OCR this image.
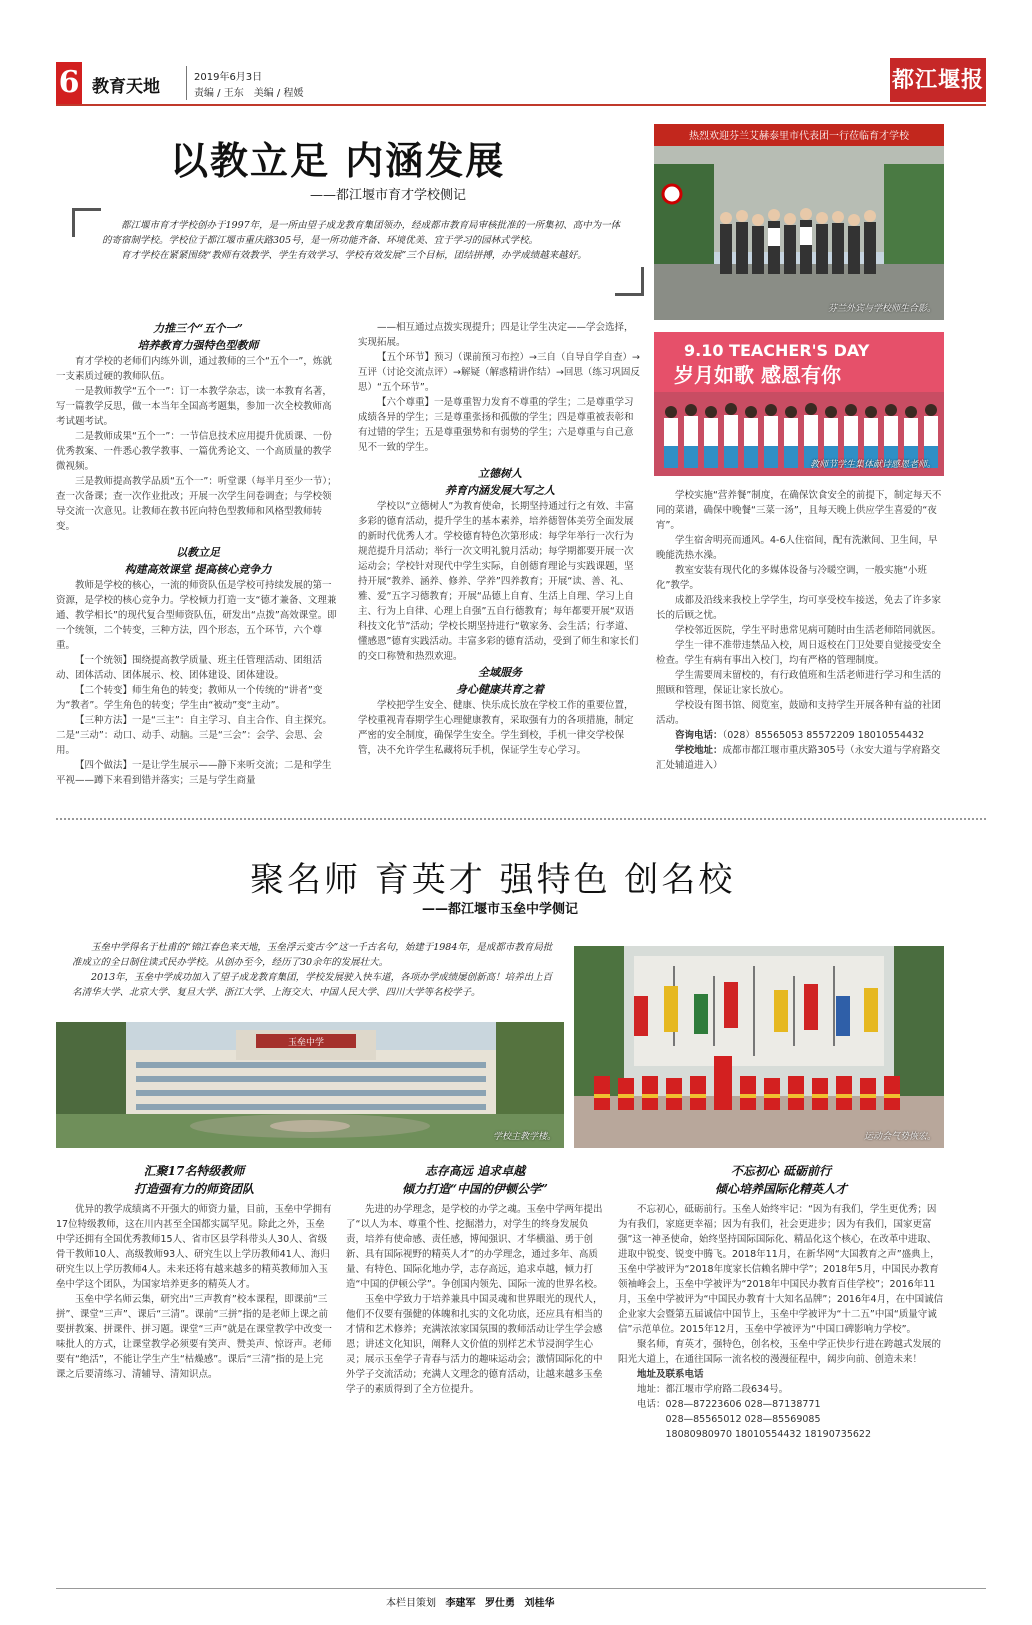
6 教育天地	2019年6月3日
责编 / 王东　美编 / 程媛
都江堰报
以教立足 内涵发展
——都江堰市育才学校侧记

都江堰市育才学校创办于1997年，是一所由望子成龙教育集团领办，经成都市教育局审核批准的一所集初、高中为一体的寄宿制学校。学校位于都江堰市重庆路305号，是一所功能齐备、环境优美、宜于学习的园林式学校。

育才学校在紧紧围绕“教师有效教学、学生有效学习、学校有效发展”三个目标，团结拼搏，办学成绩越来越好。

热烈欢迎芬兰艾赫泰里市代表团一行莅临育才学校
芬兰外宾与学校师生合影。
9.10 TEACHER'S DAY
岁月如歌 感恩有你
教师节学生集体献诗感恩老师。
力推三个“五个一”
培养教育力强特色型教师

育才学校的老师们内练外训，通过教师的三个“五个一”，炼就一支素质过硬的教师队伍。

一是教师教学“五个一”：订一本教学杂志，读一本教育名著，写一篇教学反思，做一本当年全国高考题集，参加一次全校教师高考试题考试。

二是教师成果“五个一”：一节信息技术应用提升优质课、一份优秀教案、一件悉心教学教事、一篇优秀论文、一个高质量的教学微视频。

三是教师提高教学品质“五个一”：听堂课（每半月至少一节）；查一次备课；查一次作业批改；开展一次学生问卷调查；与学校领导交流一次意见。让教师在教书匠向特色型教师和风格型教师转变。

以教立足
构建高效课堂 提高核心竞争力

教师是学校的核心，一流的师资队伍是学校可持续发展的第一资源，是学校的核心竞争力。学校倾力打造一支“德才兼备、文理兼通、教学相长”的现代复合型师资队伍，研发出“点拨”高效课堂。即一个统领，二个转变，三种方法，四个形态，五个环节，六个尊重。

【一个统领】围绕提高教学质量、班主任管理活动、团组活动、团体活动、团体展示、校、团体建设、团体建设。

【二个转变】师生角色的转变；教师从一个传统的“讲者”变为“教者”。学生角色的转变；学生由“被动”变“主动”。

【三种方法】一是“三主”：自主学习、自主合作、自主探究。二是“三动”：动口、动手、动脑。三是“三会”：会学、会思、会用。

【四个做法】一是让学生展示——静下来听交流；二是和学生平视——蹲下来看到错并落实；三是与学生商量

——相互通过点拨实现提升；四是让学生决定——学会选择，实现拓展。

【五个环节】预习（课前预习布控）→三自（自导自学自查）→互评（讨论交流点评）→解疑（解惑精讲作结）→回思（练习巩固反思）“五个环节”。

【六个尊重】一是尊重智力发育不尊重的学生；二是尊重学习成绩各异的学生；三是尊重张扬和孤傲的学生；四是尊重被表彰和有过错的学生；五是尊重强势和有弱势的学生；六是尊重与自己意见不一致的学生。

立德树人
养育内涵发展大写之人

学校以“立德树人”为教育使命，长期坚持通过行之有效、丰富多彩的德育活动，提升学生的基本素养，培养德智体美劳全面发展的新时代优秀人才。学校德育特色次第形成：每学年举行一次行为规范提升月活动；举行一次文明礼貌月活动；每学期都要开展一次运动会；学校针对现代中学生实际，自创德育理论与实践课题，坚持开展“教养、涵养、修养、学养”四养教育；开展“读、善、礼、雅、爱”五字习德教育；开展“品德上自育、生活上自理、学习上自主、行为上自律、心理上自强”五自行德教育；每年都要开展“双语科技文化节”活动；学校长期坚持进行“敬家务、会生活；行孝道、懂感恩”德育实践活动。丰富多彩的德育活动，受到了师生和家长们的交口称赞和热烈欢迎。

全域服务
身心健康共育之着

学校把学生安全、健康、快乐成长放在学校工作的重要位置，学校重视青春期学生心理健康教育，采取强有力的各项措施，制定严密的安全制度，确保学生安全。学生到校，手机一律交学校保管，决不允许学生私藏将玩手机，保证学生专心学习。

学校实施“营养餐”制度，在确保饮食安全的前提下，制定每天不同的菜谱，确保中晚餐“三菜一汤”，且每天晚上供应学生喜爱的“夜宵”。

学生宿舍明亮而通风。4-6人住宿间，配有洗漱间、卫生间，早晚能洗热水澡。

教室安装有现代化的多媒体设备与冷暖空调，一般实施“小班化”教学。

成都及沿线来我校上学学生，均可享受校车接送，免去了许多家长的后顾之忧。

学校邻近医院，学生平时患常见病可随时由生活老师陪同就医。

学生一律不准带违禁品入校，周日返校在门卫处要自觉接受安全检查。学生有病有事出入校门，均有严格的管理制度。

学生需要周末留校的，有行政值班和生活老师进行学习和生活的照顾和管理，保证让家长放心。

学校设有图书馆、阅览室，鼓励和支持学生开展各种有益的社团活动。

咨询电话：（028）85565053 85572209 18010554432

学校地址：成都市都江堰市重庆路305号（永安大道与学府路交汇处辅道进入）

聚名师 育英才 强特色 创名校
——都江堰市玉垒中学侧记

玉垒中学得名于杜甫的“锦江春色来天地，玉垒浮云变古今”这一千古名句，始建于1984年，是成都市教育局批准成立的全日制住读式民办学校。从创办至今，经历了30余年的发展壮大。

2013年，玉垒中学成功加入了望子成龙教育集团，学校发展驶入快车道，各项办学成绩屡创新高！培养出上百名清华大学、北京大学、复旦大学、浙江大学、上海交大、中国人民大学、四川大学等名校学子。

玉垒中学
学校主教学楼。	运动会气势恢宏。
汇聚17名特级教师
打造强有力的师资团队

优异的教学成绩离不开强大的师资力量，目前，玉垒中学拥有17位特级教师，这在川内甚至全国都实属罕见。除此之外，玉垒中学还拥有全国优秀教师15人、省市区县学科带头人30人、省级骨干教师10人、高级教师93人、研究生以上学历教师41人、海归研究生以上学历教师4人。未来还将有越来越多的精英教师加入玉垒中学这个团队，为国家培养更多的精英人才。

玉垒中学名师云集，研究出“三声教育”校本课程，即课前“三拼”、课堂“三声”、课后“三清”。课前“三拼”指的是老师上课之前要拼教案、拼课件、拼习题。课堂“三声”就是在课堂教学中改变一味批人的方式，让课堂教学必须要有笑声、赞美声、惊讶声。老师要有“绝活”，不能让学生产生“枯燥感”。课后“三清”指的是上完课之后要清练习、清辅导、清知识点。

志存高远 追求卓越
倾力打造“中国的伊顿公学”

先进的办学理念，是学校的办学之魂。玉垒中学两年提出了“以人为本、尊重个性、挖掘潜力，对学生的终身发展负责，培养有使命感、责任感，博闻强识、才华横溢、勇于创新、具有国际视野的精英人才”的办学理念，通过多年、高质量、有特色、国际化地办学，志存高远，追求卓越，倾力打造“中国的伊顿公学”。争创国内领先、国际一流的世界名校。

玉垒中学致力于培养兼具中国灵魂和世界眼光的现代人，他们不仅要有强健的体魄和扎实的文化功底，还应具有相当的才情和艺术修养；充满浓浓家国氛围的教师活动让学生学会感恩；讲述文化知识，阐释人文价值的别样艺术节浸润学生心灵；展示玉垒学子青春与活力的趣味运动会；激情国际化的中外学子交流活动；充满人文理念的德育活动，让越来越多玉垒学子的素质得到了全方位提升。

不忘初心 砥砺前行
倾心培养国际化精英人才

不忘初心，砥砺前行。玉垒人始终牢记：“因为有我们，学生更优秀；因为有我们，家庭更幸福；因为有我们，社会更进步；因为有我们，国家更富强”这一神圣使命，始终坚持国际国际化、精品化这个核心，在改革中进取、进取中锐变、锐变中腾飞。2018年11月，在新华网“大国教育之声”盛典上，玉垒中学被评为“2018年度家长信赖名牌中学”；2018年5月，中国民办教育领袖峰会上，玉垒中学被评为“2018年中国民办教育百佳学校”；2016年11月，玉垒中学被评为“中国民办教育十大知名品牌”；2016年4月，在中国诚信企业家大会暨第五届诚信中国节上，玉垒中学被评为“十二五”中国“质量守诚信”示范单位。2015年12月，玉垒中学被评为“中国口碑影响力学校”。

聚名师，育英才，强特色，创名校，玉垒中学正快步行进在跨越式发展的阳光大道上，在通往国际一流名校的漫漫征程中，阔步向前、创造未来！

地址及联系电话

地址：都江堰市学府路二段634号。

电话：028—87223606 028—87138771

028—85565012 028—85569085

18080980970 18010554432 18190735622

本栏目策划 李建军 罗仕勇 刘桂华
